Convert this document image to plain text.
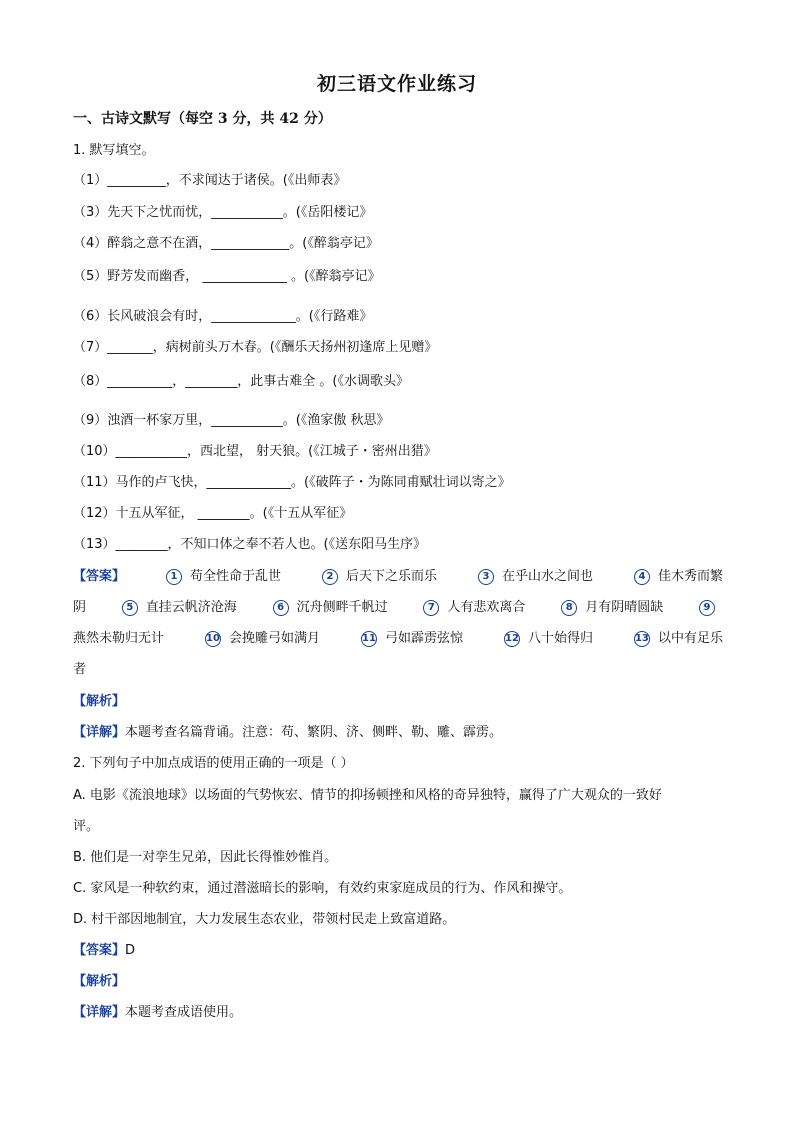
初三语文作业练习
一、古诗文默写（每空 3 分，共 42 分）
1. 默写填空。
（1）_________，不求闻达于诸侯。(《出师表》
（3）先天下之忧而忧，___________。(《岳阳楼记》
（4）醉翁之意不在酒，____________。(《醉翁亭记》
（5）野芳发而幽香， _____________ 。(《醉翁亭记》
（6）长风破浪会有时，_____________。(《行路难》
（7）_______，病树前头万木春。(《酬乐天扬州初逢席上见赠》
（8）__________，________，此事古难全 。(《水调歌头》
（9）浊酒一杯家万里，___________。(《渔家傲 秋思》
（10）___________，西北望， 射天狼。(《江城子・密州出猎》
（11）马作的卢飞快，_____________。(《破阵子・为陈同甫赋壮词以寄之》
（12）十五从军征， ________。(《十五从军征》
（13）________，不知口体之奉不若人也。(《送东阳马生序》
【答案】	1 苟全性命于乱世	2 后天下之乐而乐	3 在乎山水之间也	4 佳木秀而繁
阴	5 直挂云帆济沧海	6 沉舟侧畔千帆过	7 人有悲欢离合	8 月有阴晴圆缺	9
燕然未勒归无计	10 会挽雕弓如满月	11 弓如霹雳弦惊	12 八十始得归	13 以中有足乐
者
【解析】
【详解】本题考查名篇背诵。注意：苟、繁阴、济、侧畔、勒、雕、霹雳。
2. 下列句子中加点成语的使用正确的一项是（ ）
A. 电影《流浪地球》以场面的气势恢宏、情节的抑扬顿挫和风格的奇异独特，赢得了广大观众的一致好
评。
B. 他们是一对孪生兄弟，因此长得惟妙惟肖。
C. 家风是一种软约束，通过潜滋暗长的影响，有效约束家庭成员的行为、作风和操守。
D. 村干部因地制宜，大力发展生态农业，带领村民走上致富道路。
【答案】D
【解析】
【详解】本题考查成语使用。
